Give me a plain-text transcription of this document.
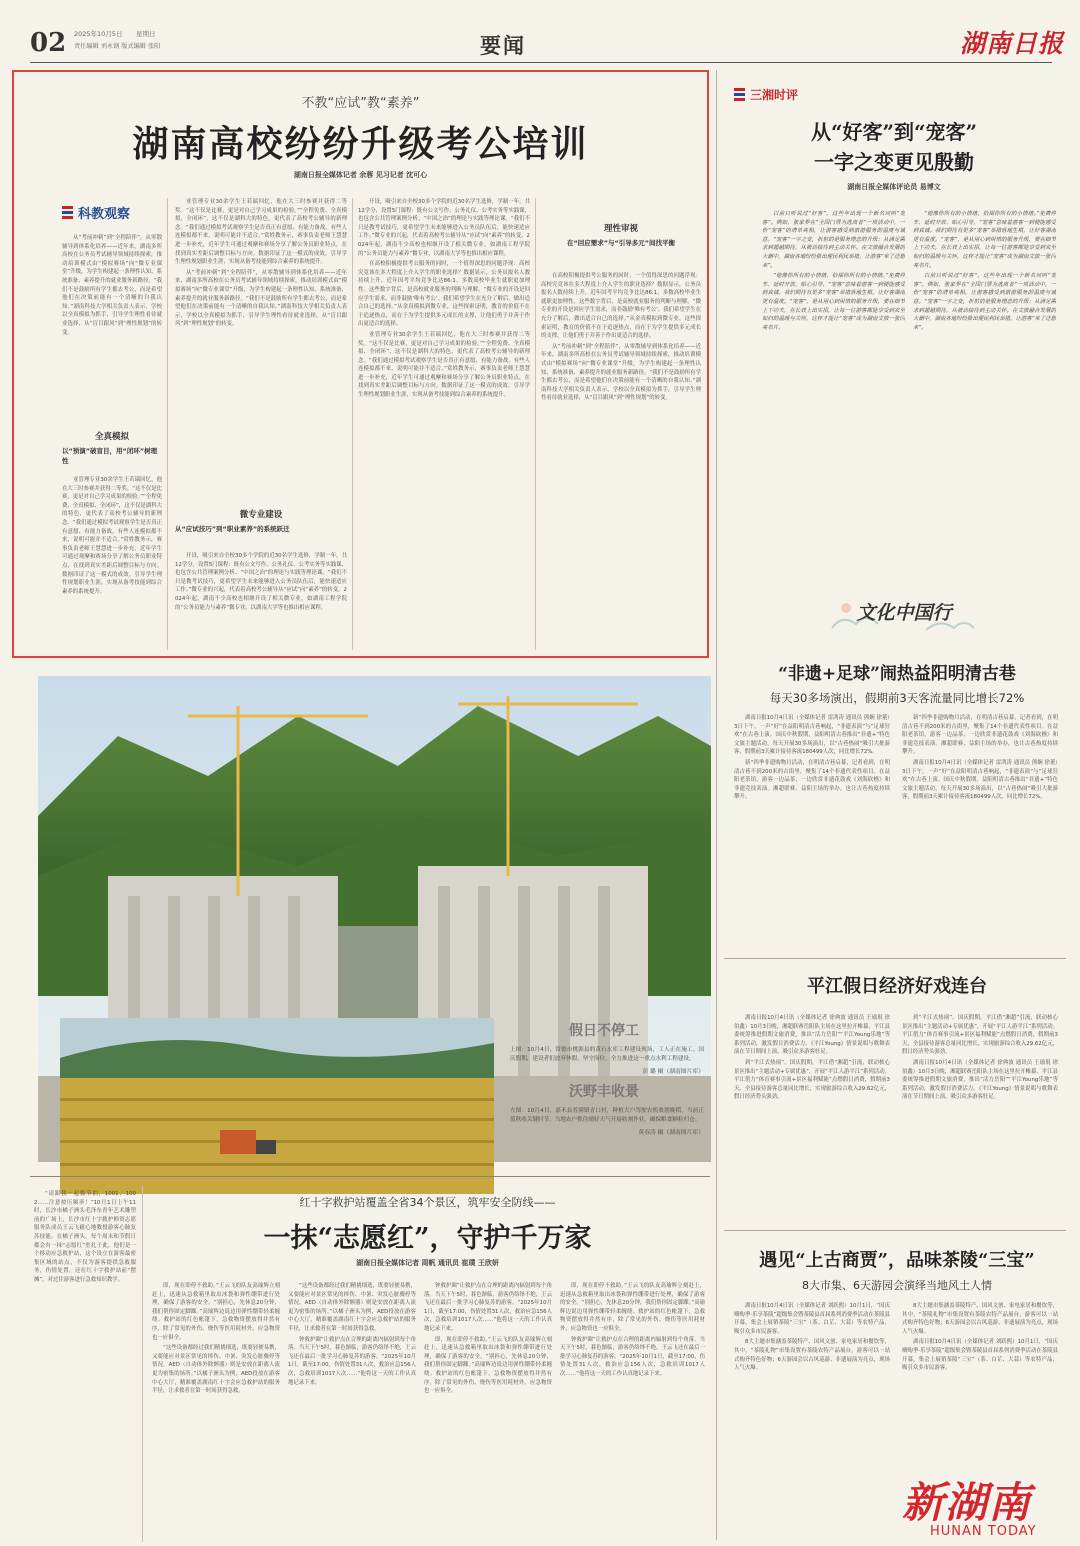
02 2025年10月5日 星期日
责任编辑 刘永钢 版式编辑 张阳	要闻	湖南日报
不教“应试”教“素养”
湖南高校纷纷升级考公培训
湖南日报全媒体记者 余蓉 见习记者 沈可心
科教观察

从“考前冲刺”到“全程陪伴”，从零散辅导到体系化培养——近年来，湖南多所高校在公务员考试辅导领域持续探索，推动培训模式由“模拟赛场”向“微专业课堂”升级，为学生构建起一条理性认知、系统准备、素养提升的就业服务新路径。“我们不是鼓励所有学生都去考公，而是希望他们在决策前能有一个清晰的自我认知。”湖南科技大学相关负责人表示，学校以全真模拟为抓手，引导学生理性看待就业选择，从“盲目跟风”到“理性规划”的转变。

全真模拟
以“预演”破盲目，用“闭环”树理性

业管理专业30余学生王若瑞回忆，他在大三时参赛并获得二等奖。“这不仅是比赛，更是对自己学习成果的检验。”“全程免费、全真模拟、全闭环”，这不仅是湖科大的特色，更代表了高校考公辅导的新理念。“我们通过模拟考试观察学生是否真正有意愿、有能力备战，有些人连模拟都不来，说明可能并不适合。”赏姓教务示，赛事负责老师王慧慧进一步补充，近年学生可通过观摩和赛场分享了解公务员职业特点，在找到真实差距后调整目标与方向。数据印证了这一模式的成效。引导学生理性规划职业生涯，实现从备考技能到综合素养的系统提升。

业管理专业30余学生王若瑞回忆，他在大三时参赛并获得二等奖。“这不仅是比赛，更是对自己学习成果的检验。”“全程免费、全真模拟、全闭环”，这不仅是湖科大的特色，更代表了高校考公辅导的新理念。“我们通过模拟考试观察学生是否真正有意愿、有能力备战，有些人连模拟都不来，说明可能并不适合。”赏姓教务示，赛事负责老师王慧慧进一步补充，近年学生可通过观摩和赛场分享了解公务员职业特点，在找到真实差距后调整目标与方向。数据印证了这一模式的成效。引导学生理性规划职业生涯，实现从备考技能到综合素养的系统提升。

从“考前冲刺”到“全程陪伴”，从零散辅导到体系化培养——近年来，湖南多所高校在公务员考试辅导领域持续探索，推动培训模式由“模拟赛场”向“微专业课堂”升级，为学生构建起一条理性认知、系统准备、素养提升的就业服务新路径。“我们不是鼓励所有学生都去考公，而是希望他们在决策前能有一个清晰的自我认知。”湖南科技大学相关负责人表示，学校以全真模拟为抓手，引导学生理性看待就业选择，从“盲目跟风”到“理性规划”的转变。

微专业建设
从“应试技巧”到“职业素养”的系统跃迁

开设，吸引来自全校30多个学院的近30名学生选修，学制一年，共12学分，设置5门课程：既有公文写作、公务礼仪、公考实务等实践课，也包含公共管理案例分析、“中国之治”的理论与实践等理论课。“我们不只是教考试技巧，更希望学生未来能够进入公务员队伍后，能快速适应工作。”微专业的兴起，代表着高校考公辅导从“应试”向“素养”的转变。2024年起，湖南不少高校也相继开设了相关微专业，如湖南工程学院的“公务员能力与素养”微专业，以湖南大学等也推出相应课程。

开设，吸引来自全校30多个学院的近30名学生选修，学制一年，共12学分，设置5门课程：既有公文写作、公务礼仪、公考实务等实践课，也包含公共管理案例分析、“中国之治”的理论与实践等理论课。“我们不只是教考试技巧，更希望学生未来能够进入公务员队伍后，能快速适应工作。”微专业的兴起，代表着高校考公辅导从“应试”向“素养”的转变。2024年起，湖南不少高校也相继开设了相关微专业，如湖南工程学院的“公务员能力与素养”微专业，以湖南大学等也推出相应课程。

在高校积极提供考公服务的同时，一个值得深思的问题浮现：高校究竟该在多大程度上介入学生的职业选择？数据显示，公务员报名人数持续上升，近年国考平均竞争比达86:1，多数高校毕业生就职更加理性。这些数字背后，是高校就业服务的判断与理解。“微专业的开设是回应学生需求，而非鼓励‘唯有考公’。我们希望学生在充分了解后，做出适合自己的选择。”从金真模拟到微专业，这些探索证明，教育的价值不在于追逐热点，而在于为学生提供多元成长的支撑，让他们勇于并善于作出更适合的选择。

业管理专业30余学生王若瑞回忆，他在大三时参赛并获得二等奖。“这不仅是比赛，更是对自己学习成果的检验。”“全程免费、全真模拟、全闭环”，这不仅是湖科大的特色，更代表了高校考公辅导的新理念。“我们通过模拟考试观察学生是否真正有意愿、有能力备战，有些人连模拟都不来，说明可能并不适合。”赏姓教务示，赛事负责老师王慧慧进一步补充，近年学生可通过观摩和赛场分享了解公务员职业特点，在找到真实差距后调整目标与方向。数据印证了这一模式的成效。引导学生理性规划职业生涯，实现从备考技能到综合素养的系统提升。

理性审视
在“回应需求”与“引导多元”间找平衡

在高校积极提供考公服务的同时，一个值得深思的问题浮现：高校究竟该在多大程度上介入学生的职业选择？数据显示，公务员报名人数持续上升，近年国考平均竞争比达86:1，多数高校毕业生就职更加理性。这些数字背后，是高校就业服务的判断与理解。“微专业的开设是回应学生需求，而非鼓励‘唯有考公’。我们希望学生在充分了解后，做出适合自己的选择。”从金真模拟到微专业，这些探索证明，教育的价值不在于追逐热点，而在于为学生提供多元成长的支撑，让他们勇于并善于作出更适合的选择。

从“考前冲刺”到“全程陪伴”，从零散辅导到体系化培养——近年来，湖南多所高校在公务员考试辅导领域持续探索，推动培训模式由“模拟赛场”向“微专业课堂”升级，为学生构建起一条理性认知、系统准备、素养提升的就业服务新路径。“我们不是鼓励所有学生都去考公，而是希望他们在决策前能有一个清晰的自我认知。”湖南科技大学相关负责人表示，学校以全真模拟为抓手，引导学生理性看待就业选择，从“盲目跟风”到“理性规划”的转变。

三湘时评
从“好客”到“宠客”
一字之变更见殷勤
湖南日报全媒体评论员 易博文

以前只听说过“好客”，这些年出现一个新名词叫“宠客”。例如，张家界在“全国门票为逃离者”一项活动中，一份“宠客”的清单亮相，让游客感受到旅游服务的温度与诚意。“宠客”一字之变，折射的是服务理念的升级：从满足需求到超越期待，从被动接待到主动关怀。在文旅融合发展的大潮中，湖南各地纷纷推出便民利民举措，让游客“来了还想来”。

“他像你所有的小情绪，拾掇你所有的小情绪。”免费停车、延时开放、贴心引导，“宠客”意味着游客一到便能感受到真诚。我们期待有更多“宠客”举措落地生根，让好客湖南更有温度。“宠客”，是从用心到用情的服务升级，要在细节上下功夫，在长效上出实招，让每一位游客都能享受到宾至如归的温暖与关怀，这样才能让“宠客”成为湖南文旅一张闪亮名片。

“他像你所有的小情绪，拾掇你所有的小情绪。”免费停车、延时开放、贴心引导，“宠客”意味着游客一到便能感受到真诚。我们期待有更多“宠客”举措落地生根，让好客湖南更有温度。“宠客”，是从用心到用情的服务升级，要在细节上下功夫，在长效上出实招，让每一位游客都能享受到宾至如归的温暖与关怀，这样才能让“宠客”成为湖南文旅一张闪亮名片。

以前只听说过“好客”，这些年出现一个新名词叫“宠客”。例如，张家界在“全国门票为逃离者”一项活动中，一份“宠客”的清单亮相，让游客感受到旅游服务的温度与诚意。“宠客”一字之变，折射的是服务理念的升级：从满足需求到超越期待，从被动接待到主动关怀。在文旅融合发展的大潮中，湖南各地纷纷推出便民利民举措，让游客“来了还想来”。

文化中国行
“非遗+足球”闹热益阳明清古巷
每天30多场演出，假期前3天客流量同比增长72%

湖南日报10月4日讯（全媒体记者 雷鸿涛 通讯员 熊娴 徐董）3日下午，一声“好”在益阳明清古巷响起，“非遗表演”与“足球狂欢”在古巷上演。国庆中秋假期，益阳明清古巷推出“非遗+”特色文旅主题活动，每天开展30多场演出，以“古巷热闹”吸引大批游客，假期前3天累计接待客流180499人次，同比增长72%。

新“四季非遗购物月活动，在明清古巷启幕，记者看到，在明清古巷不到200米的古街里，聚集了14个非遗代表性项目。在益阳老茶馆，游客一边品茶，一边欣赏非遗花鼓戏《刘海砍樵》和非遗竞技表演。湘超联赛、益阳主场的举办，也让古巷热度持续攀升。

新“四季非遗购物月活动，在明清古巷启幕，记者看到，在明清古巷不到200米的古街里，聚集了14个非遗代表性项目。在益阳老茶馆，游客一边品茶，一边欣赏非遗花鼓戏《刘海砍樵》和非遗竞技表演。湘超联赛、益阳主场的举办，也让古巷热度持续攀升。

湖南日报10月4日讯（全媒体记者 雷鸿涛 通讯员 熊娴 徐董）3日下午，一声“好”在益阳明清古巷响起，“非遗表演”与“足球狂欢”在古巷上演。国庆中秋假期，益阳明清古巷推出“非遗+”特色文旅主题活动，每天开展30多场演出，以“古巷热闹”吸引大批游客，假期前3天累计接待客流180499人次，同比增长72%。

平江假日经济好戏连台

湖南日报10月4日讯（全媒体记者 徐典波 通讯员 王瑜琨 徐伯鑫）10月3日晚，湘超联赛岳阳队主场在这里拉开帷幕，平江县委统筹推进假期文旅消费，推出“活力岳阳”“平江Young乐地”等系列活动，激发假日消费活力。《平江Young》情景说唱与歌舞表演在节日期间上演，吸引众多游客驻足。

到“平江式热闹”。国庆假期，平江借“湘超”引流，联动核心景区推出“主题活动+专属优惠”，开展“平江人游平江”系列活动。平江借力“体育赛事引流+景区福利赋能”点燃假日消费，假期前3天，全县接待游客总量同比增长，实现旅游综合收入29.62亿元，假日经济势头强劲。

到“平江式热闹”。国庆假期，平江借“湘超”引流，联动核心景区推出“主题活动+专属优惠”，开展“平江人游平江”系列活动。平江借力“体育赛事引流+景区福利赋能”点燃假日消费，假期前3天，全县接待游客总量同比增长，实现旅游综合收入29.62亿元，假日经济势头强劲。

湖南日报10月4日讯（全媒体记者 徐典波 通讯员 王瑜琨 徐伯鑫）10月3日晚，湘超联赛岳阳队主场在这里拉开帷幕，平江县委统筹推进假期文旅消费，推出“活力岳阳”“平江Young乐地”等系列活动，激发假日消费活力。《平江Young》情景说唱与歌舞表演在节日期间上演，吸引众多游客驻足。

遇见“上古商贾”，品味茶陵“三宝”
8大市集、6天游园会演绎当地风土人情

湖南日报10月4日讯（全媒体记者 刘跃熙）10月1日，“国庆嗨购季·乐享茶陵”超级集会暨茶陵县首届系列消费季活动在茶陵县开幕，集会上展销茶陵“三宝”（茶、白芷、大蒜）等农特产品，吸引众多市民游客。

8大主题市集涵盖茶陵特产、国风文创、家电家居和餐饮等，其中，“茶陵礼物”市集设置有茶陵农特产品展台，游客可以一站式购齐特色好物；6天游园会以古风巡游、非遗展演为亮点，现场人气火爆。

8大主题市集涵盖茶陵特产、国风文创、家电家居和餐饮等，其中，“茶陵礼物”市集设置有茶陵农特产品展台，游客可以一站式购齐特色好物；6天游园会以古风巡游、非遗展演为亮点，现场人气火爆。

湖南日报10月4日讯（全媒体记者 刘跃熙）10月1日，“国庆嗨购季·乐享茶陵”超级集会暨茶陵县首届系列消费季活动在茶陵县开幕，集会上展销茶陵“三宝”（茶、白芷、大蒜）等农特产品，吸引众多市民游客。

假日不停工
上图：10月4日，常德市桃源县的黄石水库工程建设现场，工人正在施工。国庆假期，建设者们放弃休假，坚守岗位，全力推进这一重点水利工程建设。
彭 璐 摄（湖南图片库）
沃野丰收景
左图：10月4日，嘉禾县普满镇青口村，种植大户驾驶农机收割晚稻。当前正值秋收关键时节，当地农户抓住晴好天气开展收割作业，确保粮食颗粒归仓。
黄春涛 摄（湖南图片库）

“请跟我一起数节拍，1001、1002……注意按压频率！”10月1日上午11时，长沙市橘子洲头毛泽东青年艺术雕塑前的广场上，长沙市红十字救护师资志愿服务队成员王云飞耐心地教授游客心肺复苏技能。在橘子洲头，每个周末和节假日都会有一抹“志愿红”驻扎于此，他们是一个移动应急救护站，这个设立在游客最密集区域的站点，不仅为游客提供急救服务，伤情处置，还在红十字救护站前“摆摊”，对过往游客进行急救知识教学。

红十字救护站覆盖全省34个景区，筑牢安全防线——
一抹“志愿红”，守护千万家
湖南日报全媒体记者 周帆 通讯员 崔璞 王欣妍

即，现在即停不救助。”王云飞的队友高瑜辉立刻赶上，迅速从急救箱里取出冰袋和弹性绷带进行处理，确保了游客的安全。“别担心，先休息20分钟，我们帮你固定脚踝。”高瑜辉边说边用弹性绷带轻柔缠绕。救护站的红色帐篷下，急救物资摆放得井然有序，除了常见的外伤、烧伤等医用耗材外，应急物资也一应俱全。

“这些设备都经过我们精挑细选，既要轻便易携，又要能应对景区常见的摔伤、中暑、突发心脏骤停等情况。AED（自动体外除颤器）则是安放在距离人流更为密集的场所。”以橘子洲头为例，AED投放在游客中心大厅，精准覆盖湖南红十字会应急救护站的服务半径，让求救者在第一时间获得急救。

“这些设备都经过我们精挑细选，既要轻便易携，又要能应对景区常见的摔伤、中暑、突发心脏骤停等情况。AED（自动体外除颤器）则是安放在距离人流更为密集的场所。”以橘子洲头为例，AED投放在游客中心大厅，精准覆盖湖南红十字会应急救护站的服务半径，让求救者在第一时间获得急救。

钟救护圈”让救护点在合理的距离内辐射到每个角落。当天下午5时，暮色渐临，游客仍络绎不绝，王云飞还在最后一批学习心肺复苏的游客。“2025年10月1日，截至17:00，伤情处置31人次，救治应急156人次，急救培训1017人次……”他将这一天的工作认真地记录下来。

钟救护圈”让救护点在合理的距离内辐射到每个角落。当天下午5时，暮色渐临，游客仍络绎不绝，王云飞还在最后一批学习心肺复苏的游客。“2025年10月1日，截至17:00，伤情处置31人次，救治应急156人次，急救培训1017人次……”他将这一天的工作认真地记录下来。

即，现在即停不救助。”王云飞的队友高瑜辉立刻赶上，迅速从急救箱里取出冰袋和弹性绷带进行处理，确保了游客的安全。“别担心，先休息20分钟，我们帮你固定脚踝。”高瑜辉边说边用弹性绷带轻柔缠绕。救护站的红色帐篷下，急救物资摆放得井然有序，除了常见的外伤、烧伤等医用耗材外，应急物资也一应俱全。

即，现在即停不救助。”王云飞的队友高瑜辉立刻赶上，迅速从急救箱里取出冰袋和弹性绷带进行处理，确保了游客的安全。“别担心，先休息20分钟，我们帮你固定脚踝。”高瑜辉边说边用弹性绷带轻柔缠绕。救护站的红色帐篷下，急救物资摆放得井然有序，除了常见的外伤、烧伤等医用耗材外，应急物资也一应俱全。

钟救护圈”让救护点在合理的距离内辐射到每个角落。当天下午5时，暮色渐临，游客仍络绎不绝，王云飞还在最后一批学习心肺复苏的游客。“2025年10月1日，截至17:00，伤情处置31人次，救治应急156人次，急救培训1017人次……”他将这一天的工作认真地记录下来。

新湖南
HUNAN TODAY
